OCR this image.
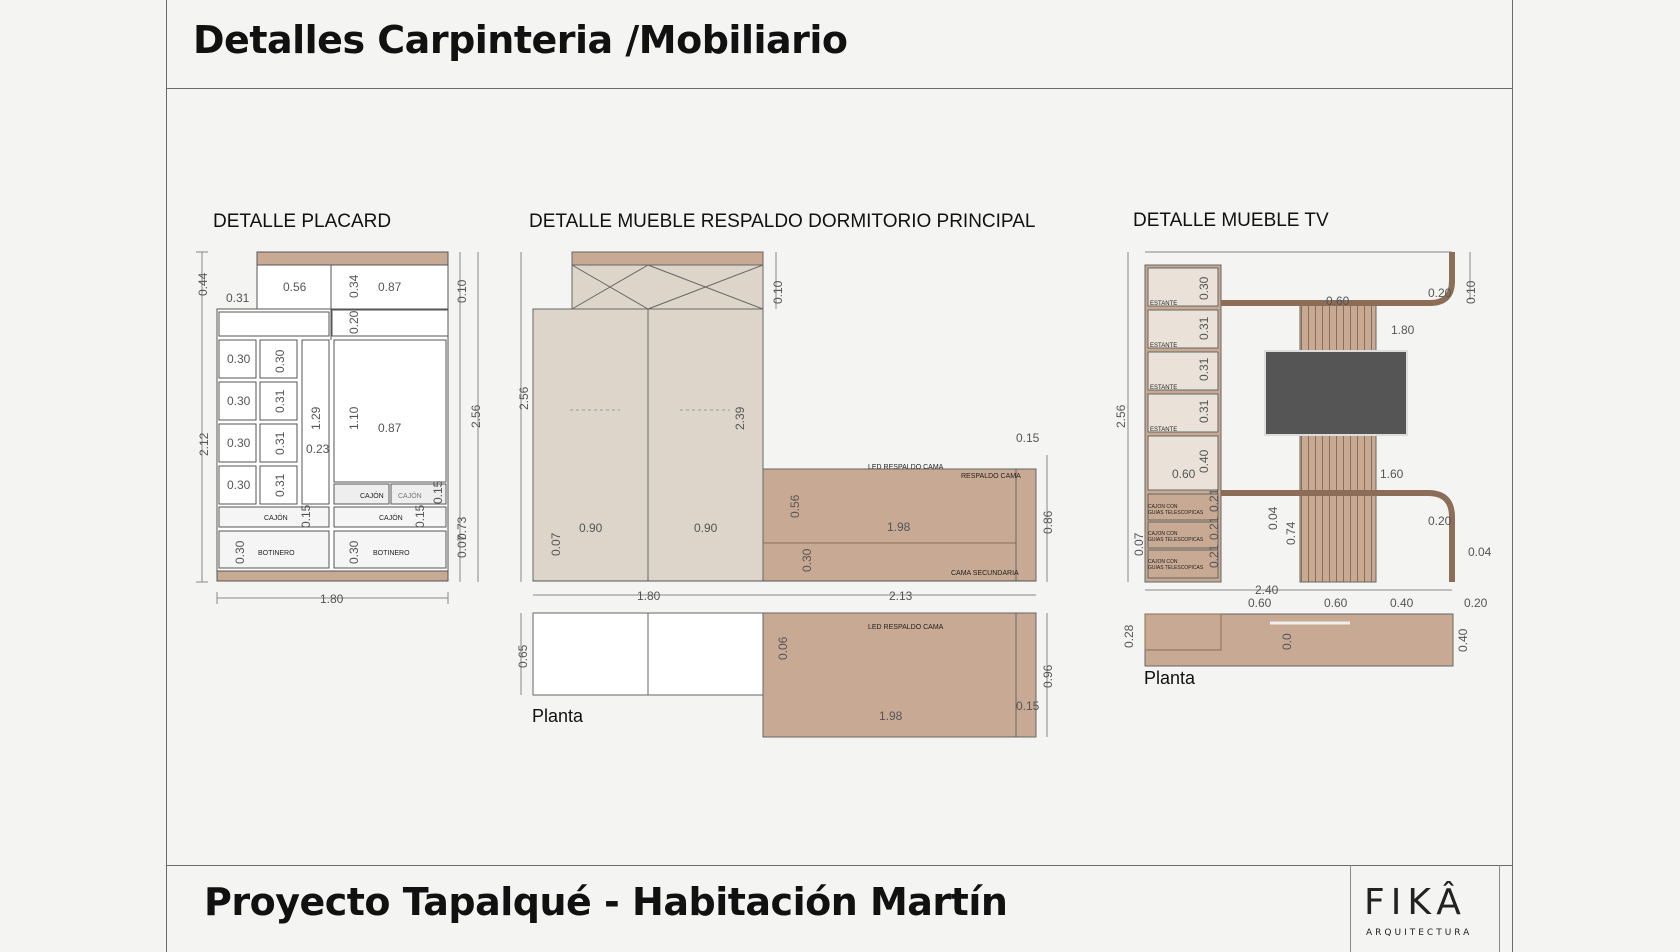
Detalles Carpinteria /Mobiliario
Proyecto Tapalqué - Habitación Martín	FIKÂ
ARQUITECTURA
DETALLE PLACARD	DETALLE MUEBLE RESPALDO DORMITORIO PRINCIPAL	DETALLE MUEBLE TV
Planta
Planta
0.44
0.31
0.56	0.34 0.87	0.10
0.20
2.12
2.56
0.30
0.30
0.30
0.30
0.30
0.31
0.31
0.31
1.29 1.10 0.87
0.23
0.15	0.15
0.15
0.73
0.07
0.30	0.30
1.80
CAJÓN CAJÓN
CAJÓN	CAJÓN
BOTINERO	BOTINERO
2.56
0.10
2.39
0.90	0.90
0.07
1.80	2.13
0.15
0.56
1.98
0.30
0.86
0.65	0.06
0.96
0.15
1.98
LED RESPALDO CAMA
RESPALDO CAMA
CAMA SECUNDARIA
LED RESPALDO CAMA
0.30
0.31
0.31
0.31
0.40
0.60
1.80
0.20 0.10
2.56
0.60	1.60
0.04
0.74
0.20
0.04
0.07
0.21
0.21
0.21
2.40
0.60	0.60	0.40	0.20
0.28	0.40
0.0
ESTANTE
ESTANTE
ESTANTE
ESTANTE
CAJON CON
GUIAS TELESCOPICAS
CAJON CON
GUIAS TELESCOPICAS
CAJON CON
GUIAS TELESCOPICAS
